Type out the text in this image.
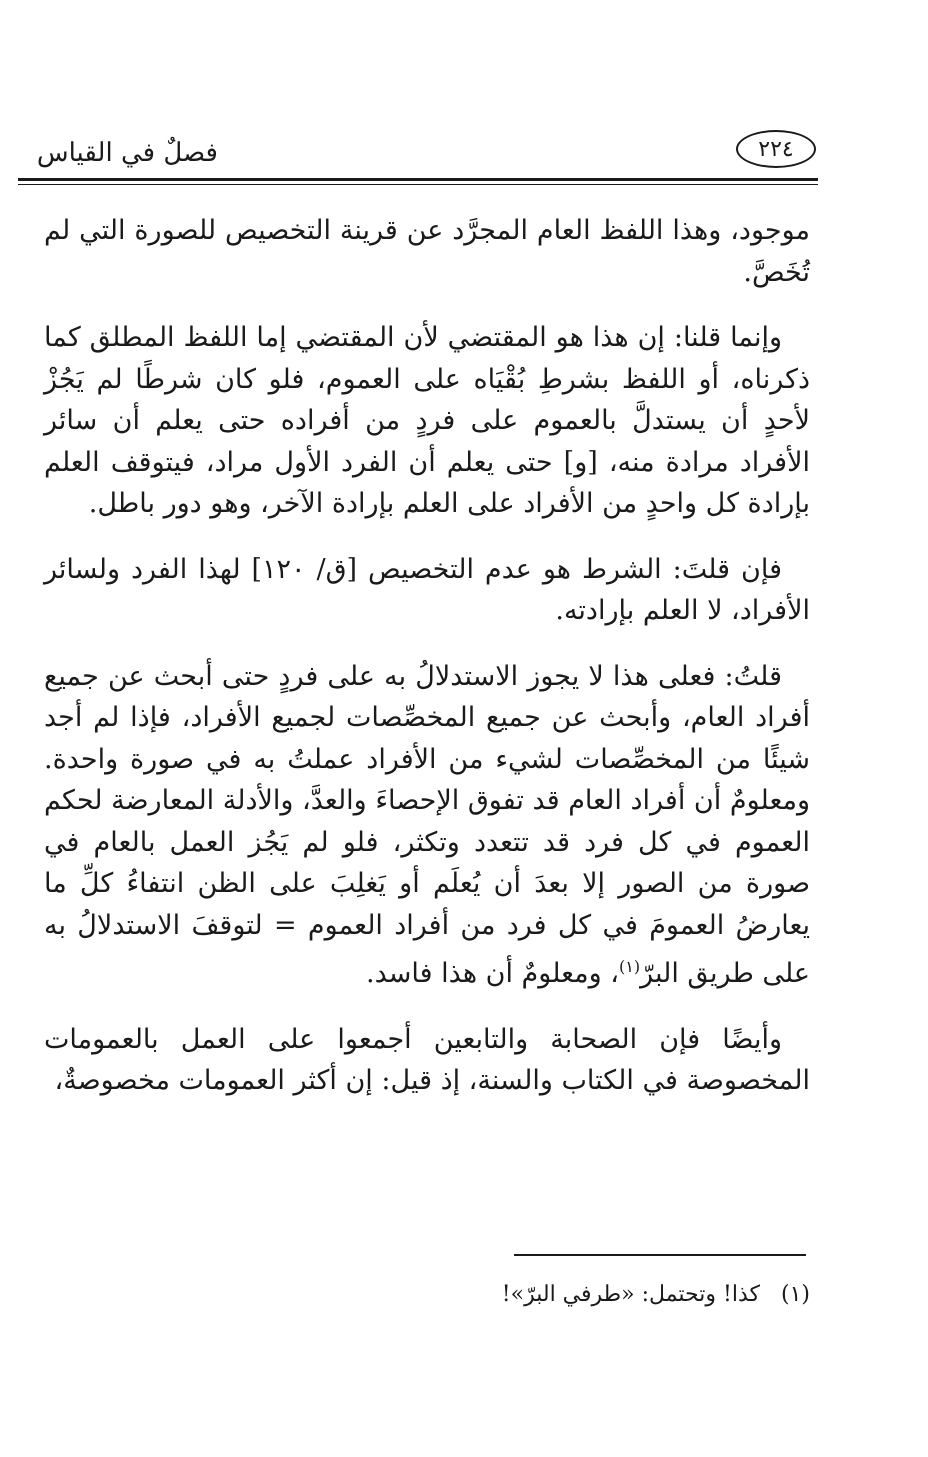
٢٢٤
فصلٌ في القياس

موجود، وهذا اللفظ العام المجرَّد عن قرينة التخصيص للصورة التي لم تُخَصَّ.

وإنما قلنا: إن هذا هو المقتضي لأن المقتضي إما اللفظ المطلق كما ذكرناه، أو اللفظ بشرطِ بُقْيَاه على العموم، فلو كان شرطًا لم يَجُزْ لأحدٍ أن يستدلَّ بالعموم على فردٍ من أفراده حتى يعلم أن سائر الأفراد مرادة منه، [و] حتى يعلم أن الفرد الأول مراد، فيتوقف العلم بإرادة كل واحدٍ من الأفراد على العلم بإرادة الآخر، وهو دور باطل.

فإن قلتَ: الشرط هو عدم التخصيص [ق/ ١٢٠] لهذا الفرد ولسائر الأفراد، لا العلم بإرادته.

قلتُ: فعلى هذا لا يجوز الاستدلالُ به على فردٍ حتى أبحث عن جميع أفراد العام، وأبحث عن جميع المخصِّصات لجميع الأفراد، فإذا لم أجد شيئًا من المخصِّصات لشيء من الأفراد عملتُ به في صورة واحدة. ومعلومٌ أن أفراد العام قد تفوق الإحصاءَ والعدَّ، والأدلة المعارضة لحكم العموم في كل فرد قد تتعدد وتكثر، فلو لم يَجُز العمل بالعام في صورة من الصور إلا بعدَ أن يُعلَم أو يَغلِبَ على الظن انتفاءُ كلِّ ما يعارضُ العمومَ في كل فرد من أفراد العموم = لتوقفَ الاستدلالُ به على طريق البرّ$^{(١)}$، ومعلومٌ أن هذا فاسد.

وأيضًا فإن الصحابة والتابعين أجمعوا على العمل بالعمومات المخصوصة في الكتاب والسنة، إذ قيل: إن أكثر العمومات مخصوصةٌ،

(١) كذا! وتحتمل: «طرفي البرّ»!
